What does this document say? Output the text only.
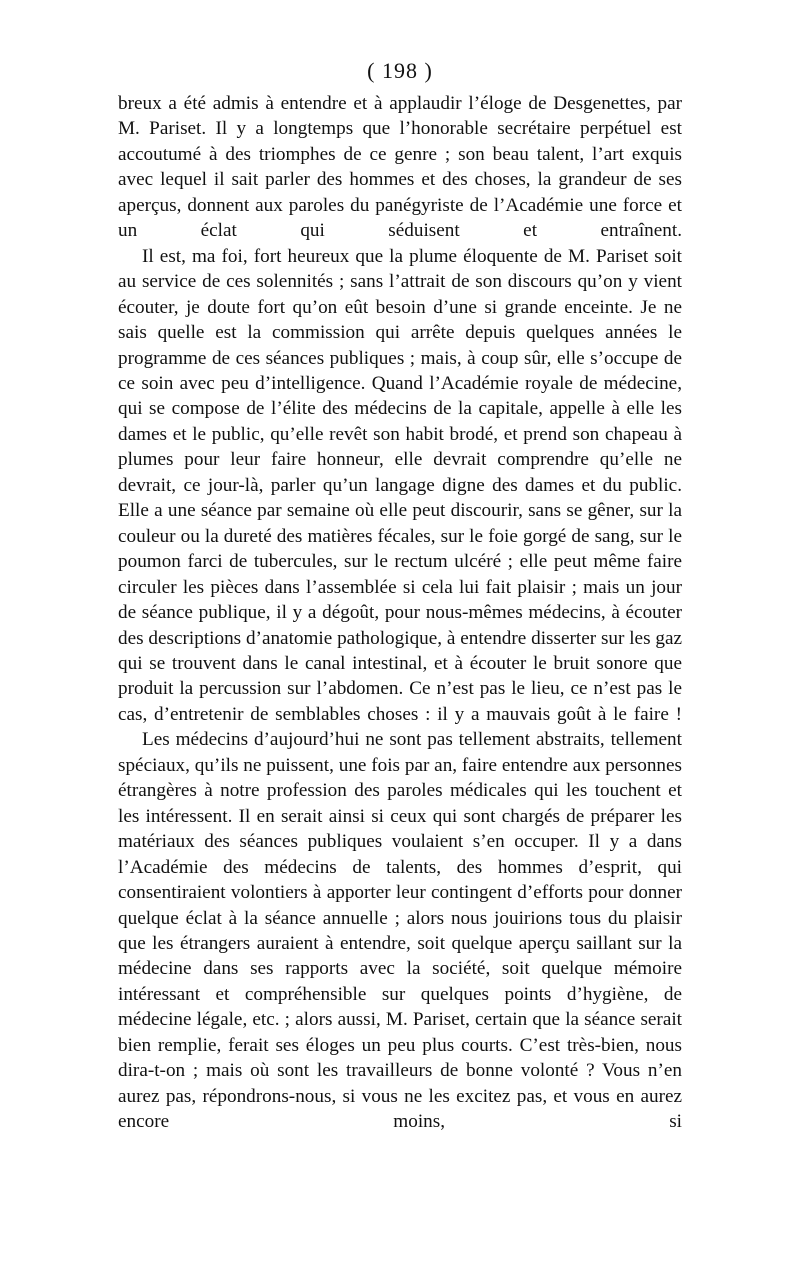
( 198 )

breux a été admis à entendre et à applaudir l’éloge de Desgenettes, par M. Pariset. Il y a longtemps que l’honorable secrétaire perpétuel est accoutumé à des triomphes de ce genre ; son beau talent, l’art exquis avec lequel il sait parler des hommes et des choses, la grandeur de ses aperçus, donnent aux paroles du panégyriste de l’Académie une force et un éclat qui séduisent et entraînent.

Il est, ma foi, fort heureux que la plume éloquente de M. Pariset soit au service de ces solennités ; sans l’attrait de son discours qu’on y vient écouter, je doute fort qu’on eût besoin d’une si grande enceinte. Je ne sais quelle est la commission qui arrête depuis quelques années le programme de ces séances publiques ; mais, à coup sûr, elle s’occupe de ce soin avec peu d’intelligence. Quand l’Académie royale de médecine, qui se compose de l’élite des médecins de la capitale, appelle à elle les dames et le public, qu’elle revêt son habit brodé, et prend son chapeau à plumes pour leur faire honneur, elle devrait comprendre qu’elle ne devrait, ce jour-là, parler qu’un langage digne des dames et du public. Elle a une séance par semaine où elle peut discourir, sans se gêner, sur la couleur ou la dureté des matières fécales, sur le foie gorgé de sang, sur le poumon farci de tubercules, sur le rectum ulcéré ; elle peut même faire circuler les pièces dans l’assemblée si cela lui fait plaisir ; mais un jour de séance publique, il y a dégoût, pour nous-mêmes médecins, à écouter des descriptions d’anatomie pathologique, à entendre disserter sur les gaz qui se trouvent dans le canal intestinal, et à écouter le bruit sonore que produit la percussion sur l’abdomen. Ce n’est pas le lieu, ce n’est pas le cas, d’entretenir de semblables choses : il y a mauvais goût à le faire !

Les médecins d’aujourd’hui ne sont pas tellement abstraits, tellement spéciaux, qu’ils ne puissent, une fois par an, faire entendre aux personnes étrangères à notre profession des paroles médicales qui les touchent et les intéressent. Il en serait ainsi si ceux qui sont chargés de préparer les matériaux des séances publiques voulaient s’en occuper. Il y a dans l’Académie des médecins de talents, des hommes d’esprit, qui consentiraient volontiers à apporter leur contingent d’efforts pour donner quelque éclat à la séance annuelle ; alors nous jouirions tous du plaisir que les étrangers auraient à entendre, soit quelque aperçu saillant sur la médecine dans ses rapports avec la société, soit quelque mémoire intéressant et compréhensible sur quelques points d’hygiène, de médecine légale, etc. ; alors aussi, M. Pariset, certain que la séance serait bien remplie, ferait ses éloges un peu plus courts. C’est très-bien, nous dira-t-on ; mais où sont les travailleurs de bonne volonté ? Vous n’en aurez pas, répondrons-nous, si vous ne les excitez pas, et vous en aurez encore moins, si
